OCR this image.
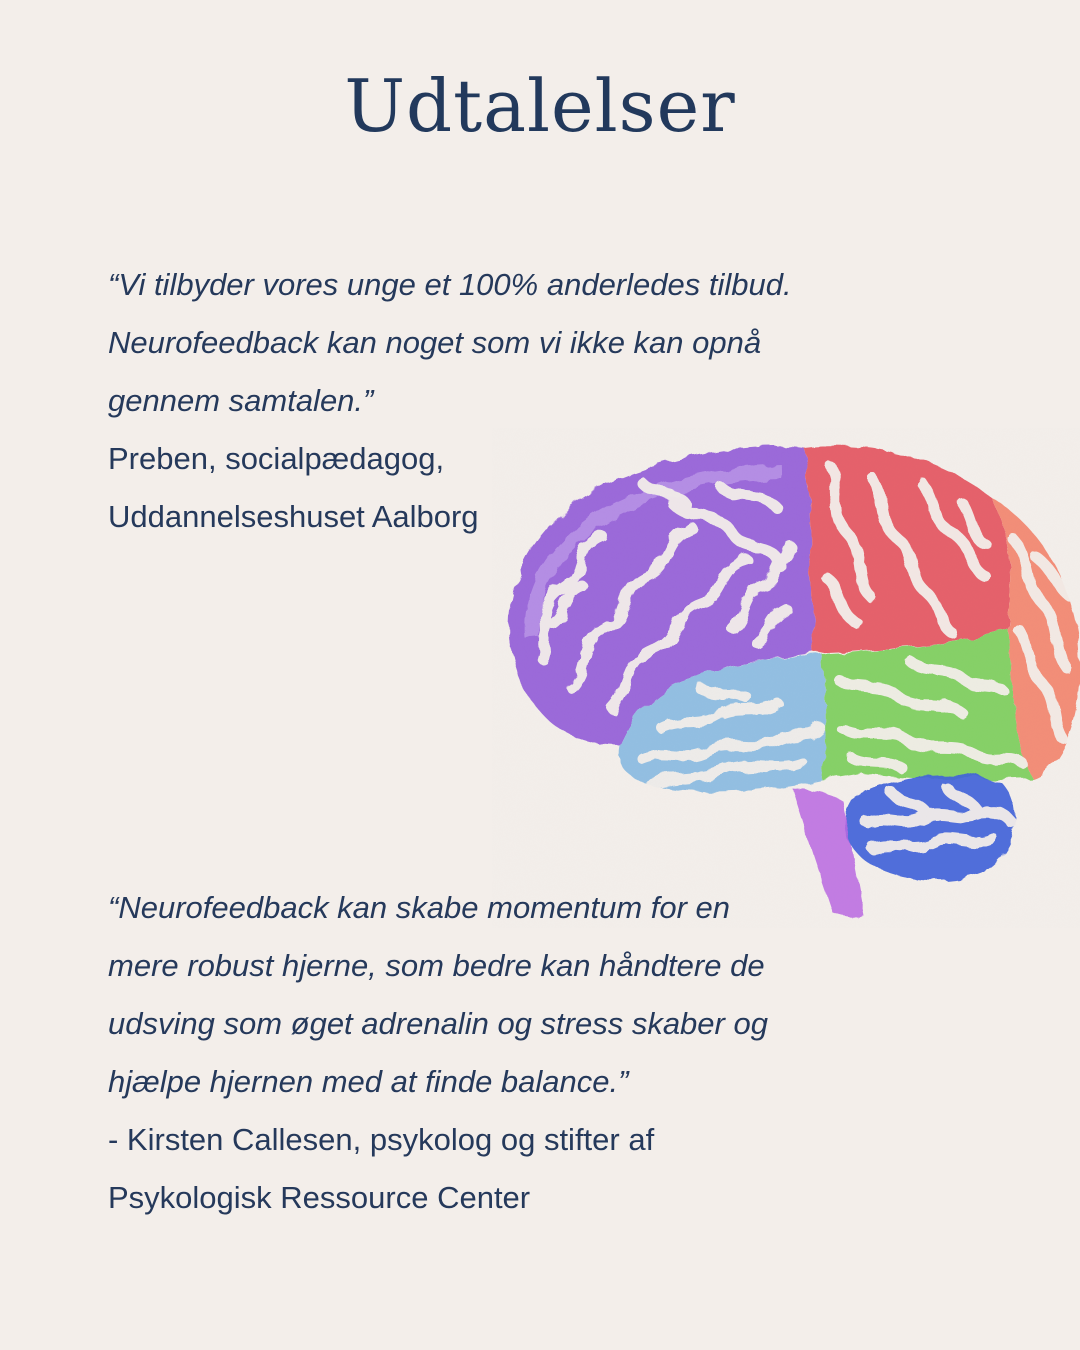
Udtalelser
“Vi tilbyder vores unge et 100% anderledes tilbud.
Neurofeedback kan noget som vi ikke kan opnå
gennem samtalen.”
Preben, socialpædagog,
Uddannelseshuset Aalborg
“Neurofeedback kan skabe momentum for en
mere robust hjerne, som bedre kan håndtere de
udsving som øget adrenalin og stress skaber og
hjælpe hjernen med at finde balance.”
- Kirsten Callesen, psykolog og stifter af
Psykologisk Ressource Center
